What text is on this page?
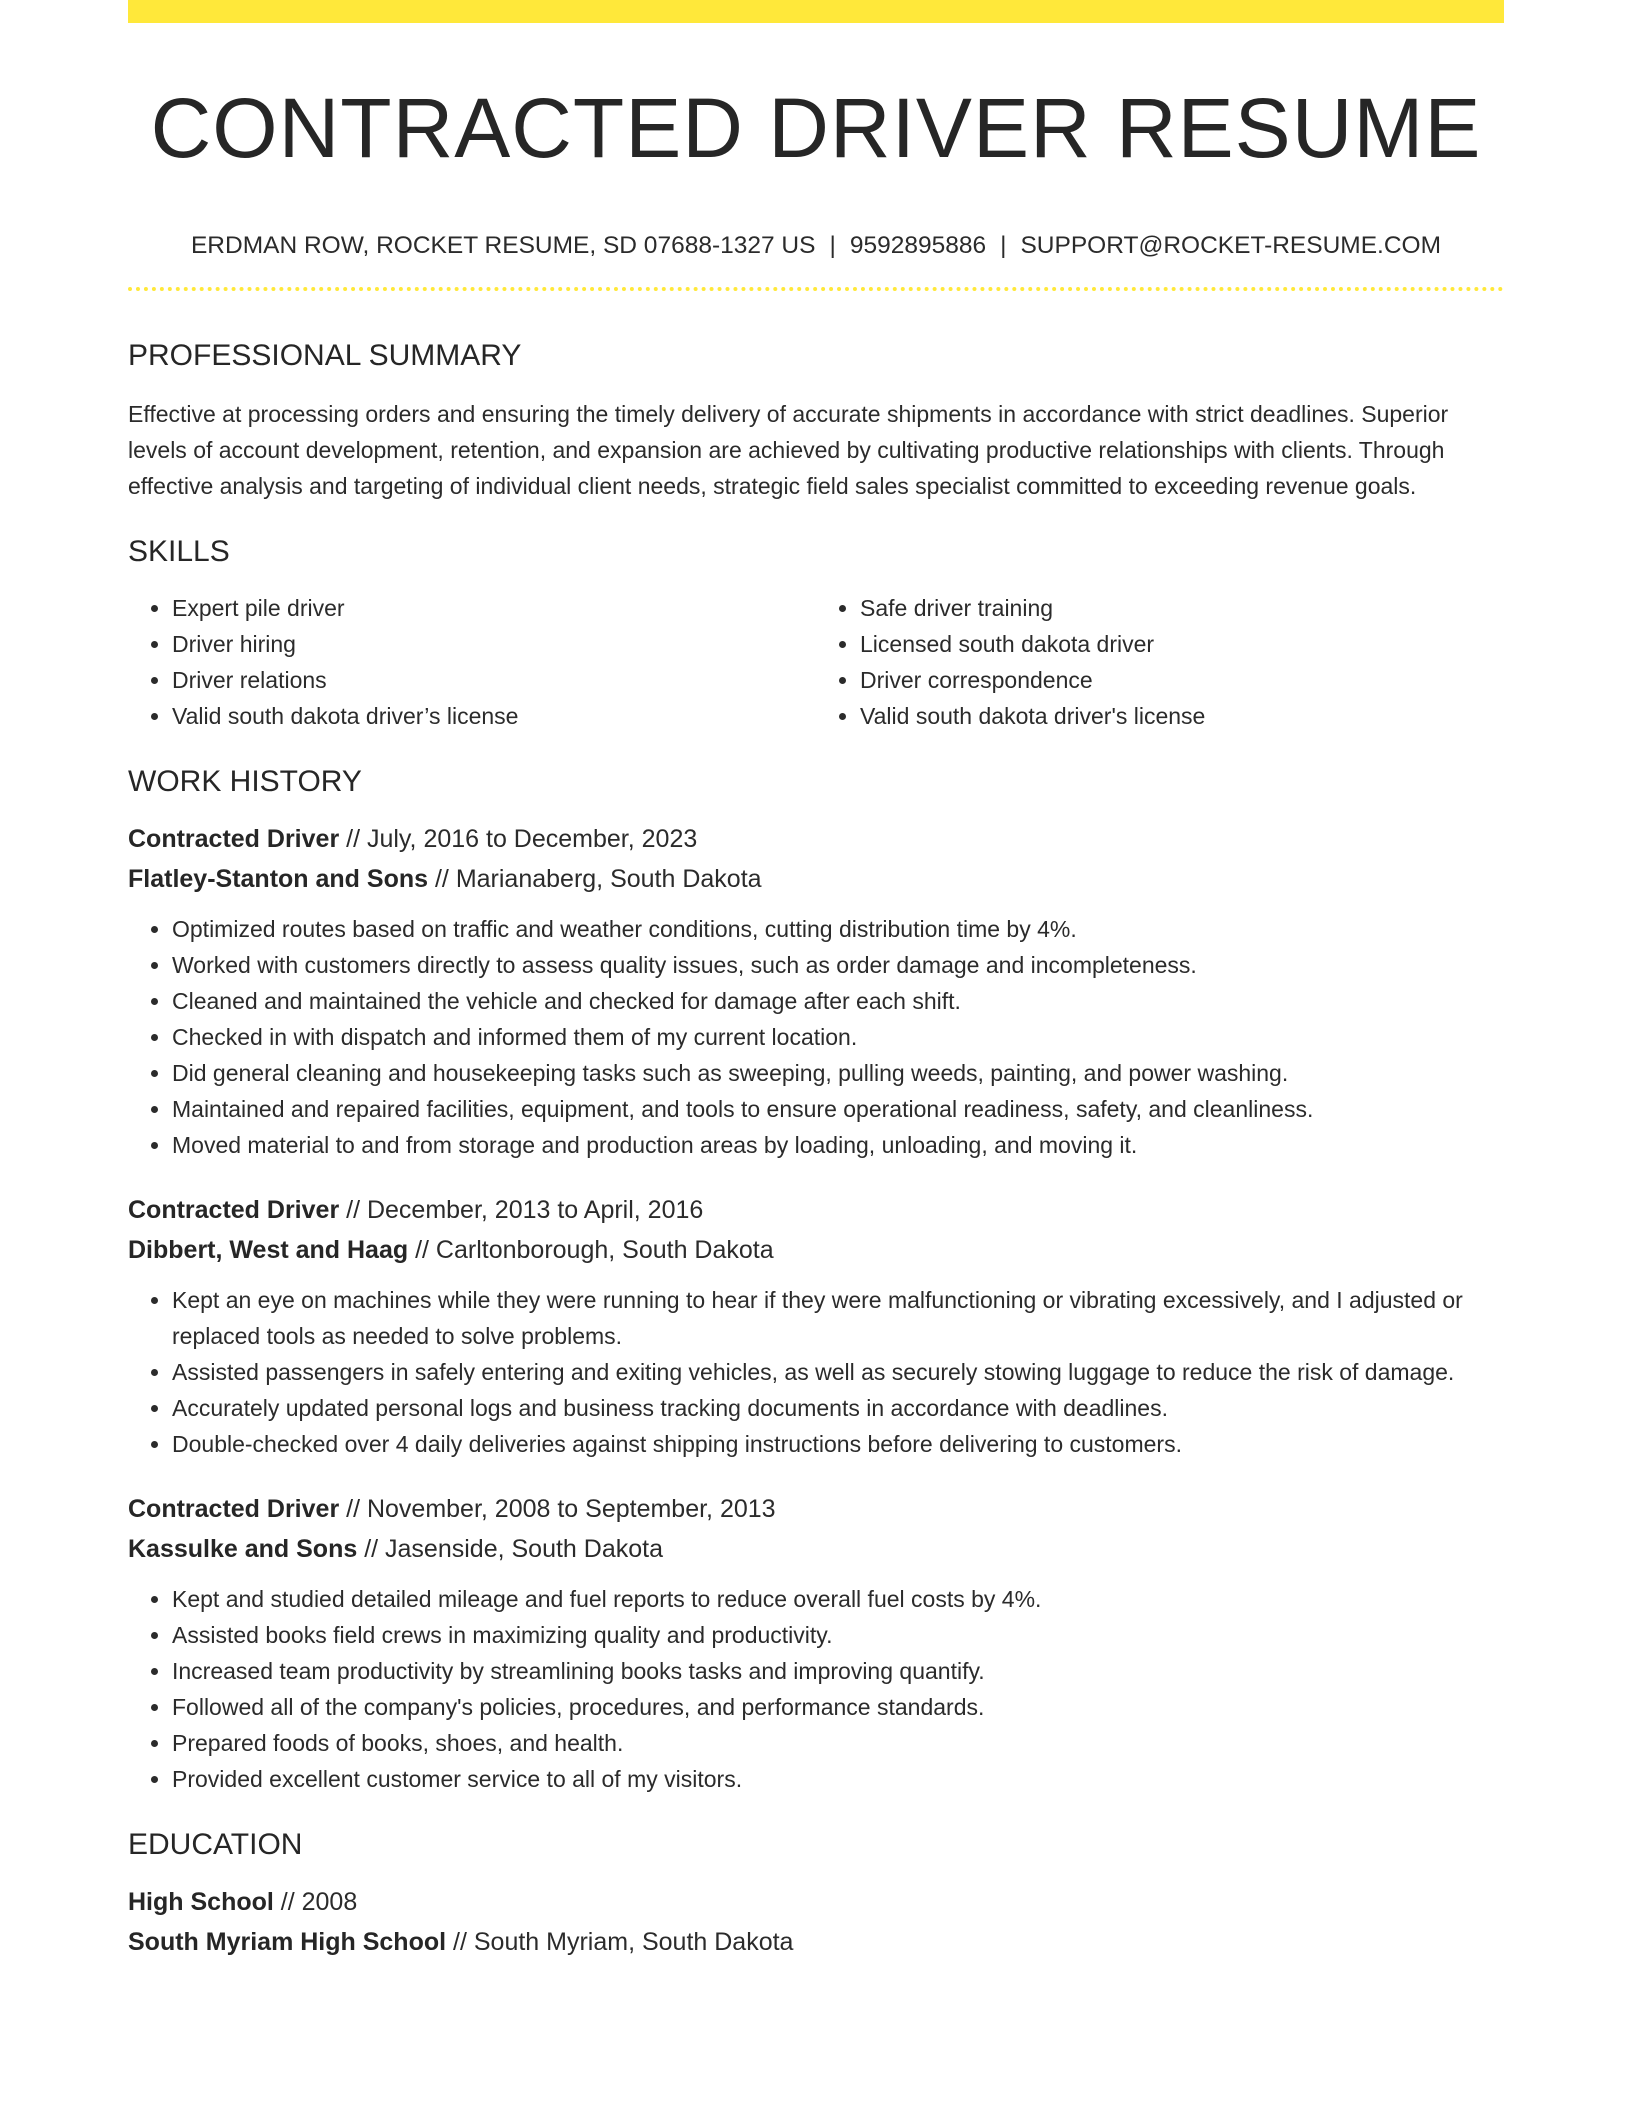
CONTRACTED DRIVER RESUME
ERDMAN ROW, ROCKET RESUME, SD 07688-1327 US | 9592895886 | SUPPORT@ROCKET-RESUME.COM
PROFESSIONAL SUMMARY
Effective at processing orders and ensuring the timely delivery of accurate shipments in accordance with strict deadlines. Superior levels of account development, retention, and expansion are achieved by cultivating productive relationships with clients. Through effective analysis and targeting of individual client needs, strategic field sales specialist committed to exceeding revenue goals.
SKILLS
• Expert pile driver
• Driver hiring
• Driver relations
• Valid south dakota driver’s license
• Safe driver training
• Licensed south dakota driver
• Driver correspondence
• Valid south dakota driver's license
WORK HISTORY
Contracted Driver // July, 2016 to December, 2023
Flatley-Stanton and Sons // Marianaberg, South Dakota
• Optimized routes based on traffic and weather conditions, cutting distribution time by 4%.
• Worked with customers directly to assess quality issues, such as order damage and incompleteness.
• Cleaned and maintained the vehicle and checked for damage after each shift.
• Checked in with dispatch and informed them of my current location.
• Did general cleaning and housekeeping tasks such as sweeping, pulling weeds, painting, and power washing.
• Maintained and repaired facilities, equipment, and tools to ensure operational readiness, safety, and cleanliness.
• Moved material to and from storage and production areas by loading, unloading, and moving it.
Contracted Driver // December, 2013 to April, 2016
Dibbert, West and Haag // Carltonborough, South Dakota
• Kept an eye on machines while they were running to hear if they were malfunctioning or vibrating excessively, and I adjusted or replaced tools as needed to solve problems.
• Assisted passengers in safely entering and exiting vehicles, as well as securely stowing luggage to reduce the risk of damage.
• Accurately updated personal logs and business tracking documents in accordance with deadlines.
• Double-checked over 4 daily deliveries against shipping instructions before delivering to customers.
Contracted Driver // November, 2008 to September, 2013
Kassulke and Sons // Jasenside, South Dakota
• Kept and studied detailed mileage and fuel reports to reduce overall fuel costs by 4%.
• Assisted books field crews in maximizing quality and productivity.
• Increased team productivity by streamlining books tasks and improving quantify.
• Followed all of the company's policies, procedures, and performance standards.
• Prepared foods of books, shoes, and health.
• Provided excellent customer service to all of my visitors.
EDUCATION
High School // 2008
South Myriam High School // South Myriam, South Dakota
